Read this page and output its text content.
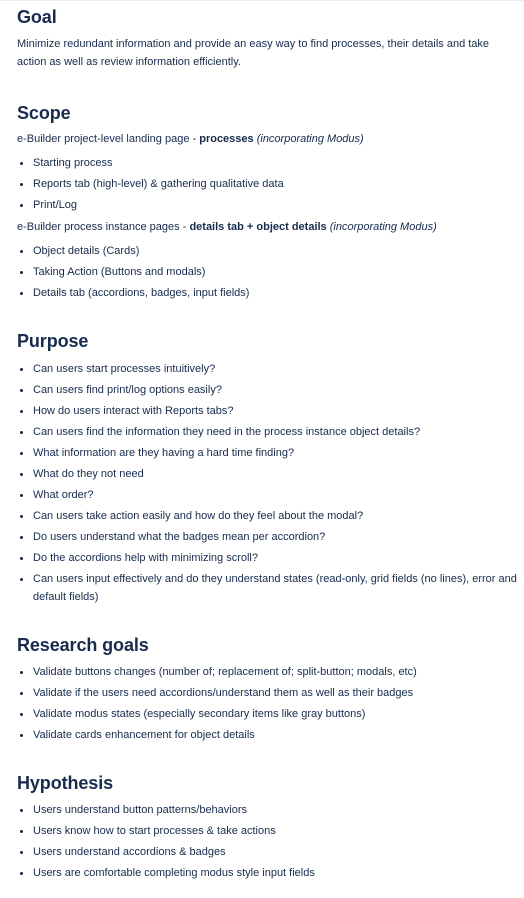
Goal

Minimize redundant information and provide an easy way to find processes, their details and take action as well as review information efficiently.

Scope

e-Builder project-level landing page - processes (incorporating Modus)

Starting process
Reports tab (high-level) & gathering qualitative data
Print/Log

e-Builder process instance pages - details tab + object details (incorporating Modus)

Object details (Cards)
Taking Action (Buttons and modals)
Details tab (accordions, badges, input fields)
Purpose
Can users start processes intuitively?
Can users find print/log options easily?
How do users interact with Reports tabs?
Can users find the information they need in the process instance object details?
What information are they having a hard time finding?
What do they not need
What order?
Can users take action easily and how do they feel about the modal?
Do users understand what the badges mean per accordion?
Do the accordions help with minimizing scroll?
Can users input effectively and do they understand states (read-only, grid fields (no lines), error and default fields)
Research goals
Validate buttons changes (number of; replacement of; split-button; modals, etc)
Validate if the users need accordions/understand them as well as their badges
Validate modus states (especially secondary items like gray buttons)
Validate cards enhancement for object details
Hypothesis
Users understand button patterns/behaviors
Users know how to start processes & take actions
Users understand accordions & badges
Users are comfortable completing modus style input fields
